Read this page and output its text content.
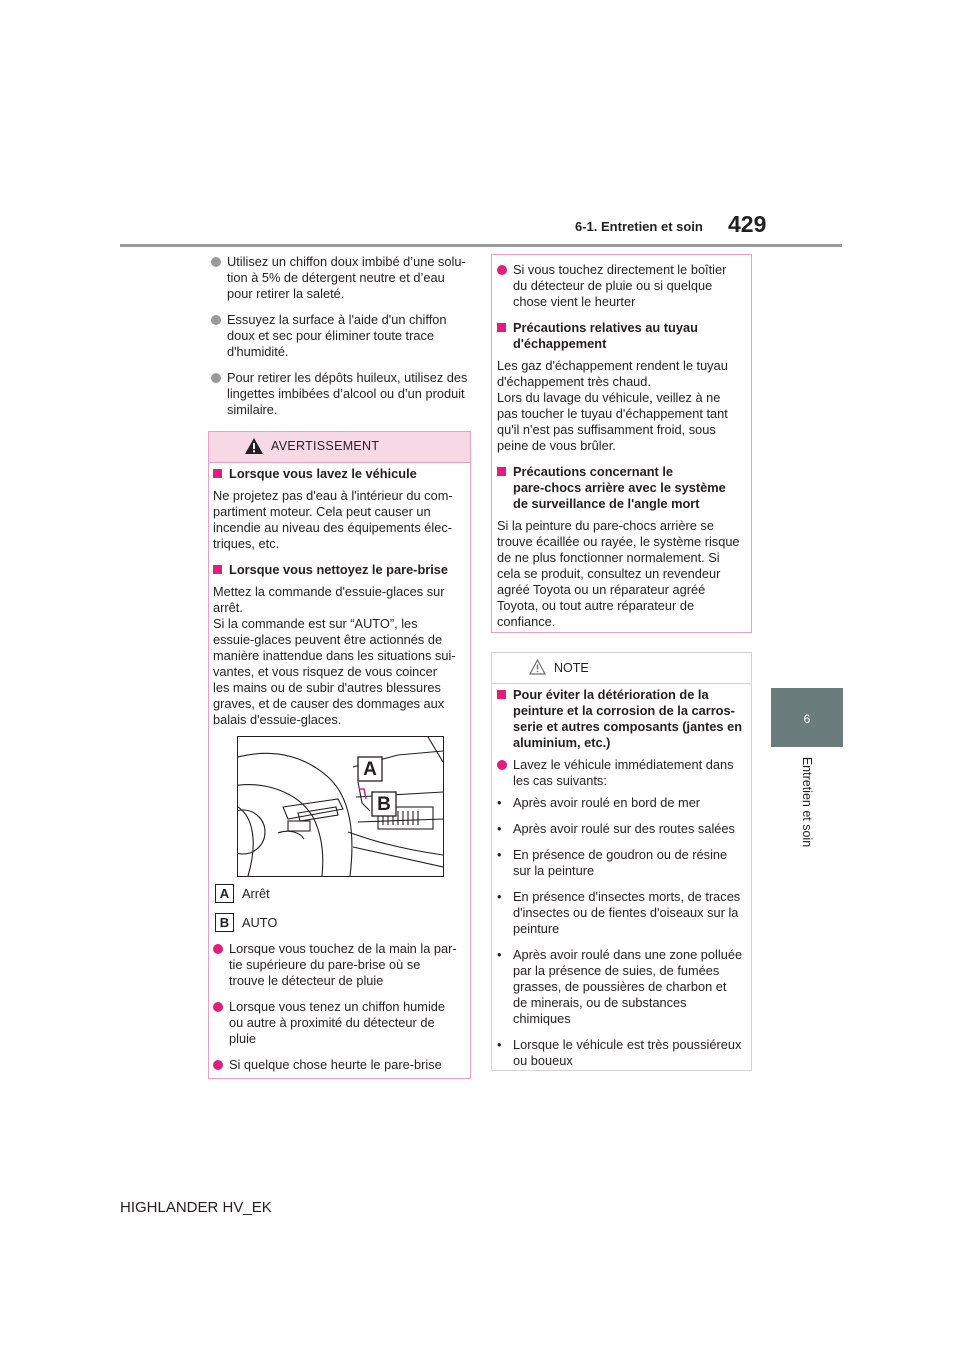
6-1. Entretien et soin 429
6
Entretien et soin
Utilisez un chiffon doux imbibé d’une solu-
tion à 5% de détergent neutre et d’eau
pour retirer la saleté.
Essuyez la surface à l'aide d'un chiffon
doux et sec pour éliminer toute trace
d'humidité.
Pour retirer les dépôts huileux, utilisez des
lingettes imbibées d’alcool ou d’un produit
similaire.
AVERTISSEMENT
Lorsque vous lavez le véhicule
Ne projetez pas d'eau à l'intérieur du com-
partiment moteur. Cela peut causer un
incendie au niveau des équipements élec-
triques, etc.
Lorsque vous nettoyez le pare-brise
Mettez la commande d'essuie-glaces sur
arrêt.
Si la commande est sur “AUTO”, les
essuie-glaces peuvent être actionnés de
manière inattendue dans les situations sui-
vantes, et vous risquez de vous coincer
les mains ou de subir d'autres blessures
graves, et de causer des dommages aux
balais d'essuie-glaces.
A
B
A	Arrêt
B	AUTO
Lorsque vous touchez de la main la par-
tie supérieure du pare-brise où se
trouve le détecteur de pluie
Lorsque vous tenez un chiffon humide
ou autre à proximité du détecteur de
pluie
Si quelque chose heurte le pare-brise
Si vous touchez directement le boîtier
du détecteur de pluie ou si quelque
chose vient le heurter
Précautions relatives au tuyau
d'échappement
Les gaz d'échappement rendent le tuyau
d'échappement très chaud.
Lors du lavage du véhicule, veillez à ne
pas toucher le tuyau d'échappement tant
qu'il n'est pas suffisamment froid, sous
peine de vous brûler.
Précautions concernant le
pare-chocs arrière avec le système
de surveillance de l'angle mort
Si la peinture du pare-chocs arrière se
trouve écaillée ou rayée, le système risque
de ne plus fonctionner normalement. Si
cela se produit, consultez un revendeur
agréé Toyota ou un réparateur agréé
Toyota, ou tout autre réparateur de
confiance.
NOTE
Pour éviter la détérioration de la
peinture et la corrosion de la carros-
serie et autres composants (jantes en
aluminium, etc.)
Lavez le véhicule immédiatement dans
les cas suivants:
• Après avoir roulé en bord de mer
• Après avoir roulé sur des routes salées
• En présence de goudron ou de résine
sur la peinture
• En présence d'insectes morts, de traces
d'insectes ou de fientes d'oiseaux sur la
peinture
• Après avoir roulé dans une zone polluée
par la présence de suies, de fumées
grasses, de poussières de charbon et
de minerais, ou de substances
chimiques
• Lorsque le véhicule est très poussiéreux
ou boueux
HIGHLANDER HV_EK
